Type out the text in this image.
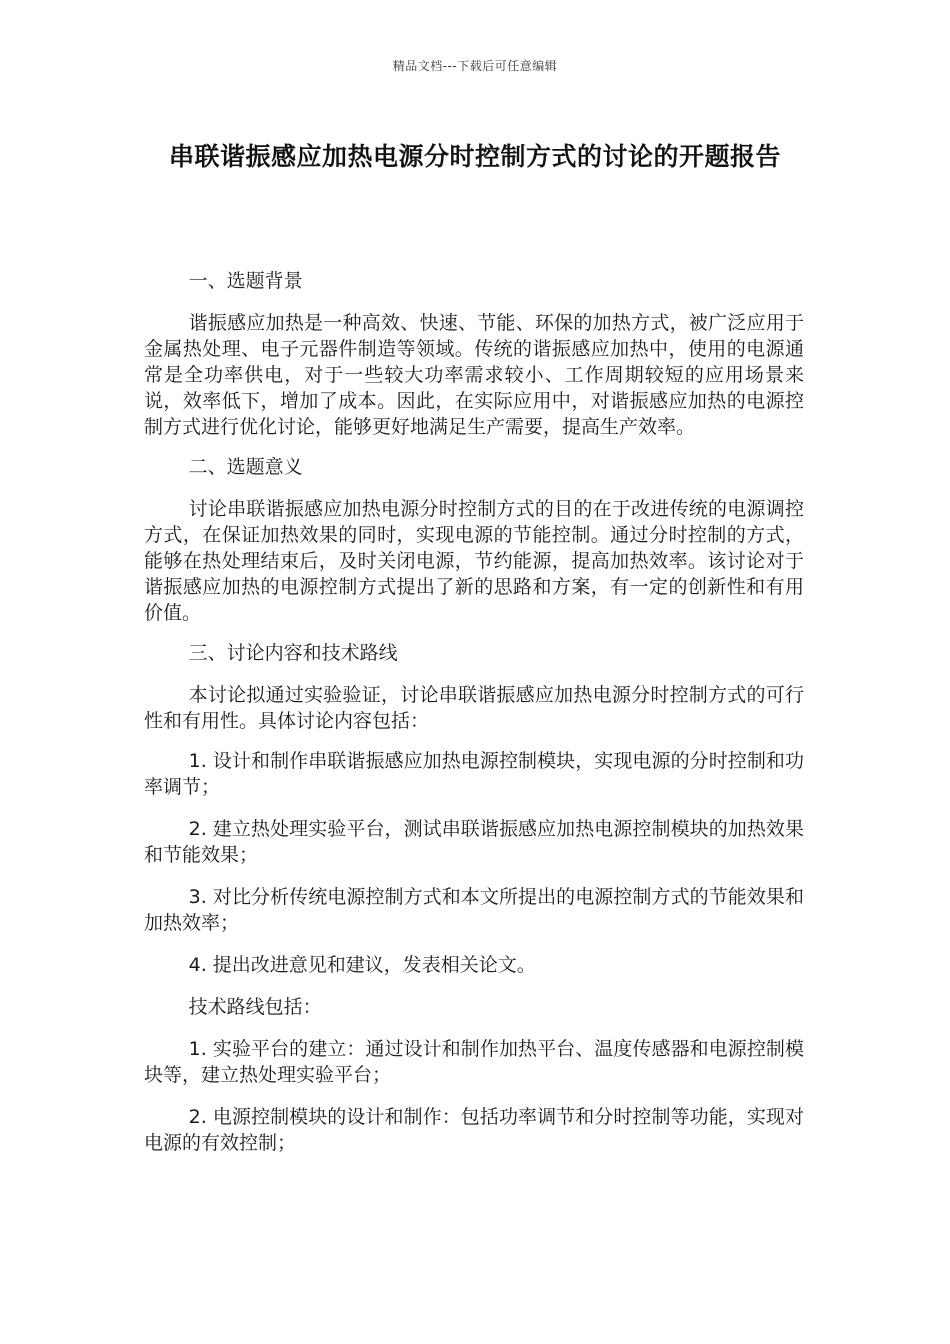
精品文档---下载后可任意编辑
串联谐振感应加热电源分时控制方式的讨论的开题报告

一、选题背景

谐振感应加热是一种高效、快速、节能、环保的加热方式，被广泛应用于金属热处理、电子元器件制造等领域。传统的谐振感应加热中，使用的电源通常是全功率供电，对于一些较大功率需求较小、工作周期较短的应用场景来说，效率低下，增加了成本。因此，在实际应用中，对谐振感应加热的电源控制方式进行优化讨论，能够更好地满足生产需要，提高生产效率。

二、选题意义

讨论串联谐振感应加热电源分时控制方式的目的在于改进传统的电源调控方式，在保证加热效果的同时，实现电源的节能控制。通过分时控制的方式，能够在热处理结束后，及时关闭电源，节约能源，提高加热效率。该讨论对于谐振感应加热的电源控制方式提出了新的思路和方案，有一定的创新性和有用价值。

三、讨论内容和技术路线

本讨论拟通过实验验证，讨论串联谐振感应加热电源分时控制方式的可行性和有用性。具体讨论内容包括：

1. 设计和制作串联谐振感应加热电源控制模块，实现电源的分时控制和功率调节；

2. 建立热处理实验平台，测试串联谐振感应加热电源控制模块的加热效果和节能效果；

3. 对比分析传统电源控制方式和本文所提出的电源控制方式的节能效果和加热效率；

4. 提出改进意见和建议，发表相关论文。

技术路线包括：

1. 实验平台的建立：通过设计和制作加热平台、温度传感器和电源控制模块等，建立热处理实验平台；

2. 电源控制模块的设计和制作：包括功率调节和分时控制等功能，实现对电源的有效控制；
